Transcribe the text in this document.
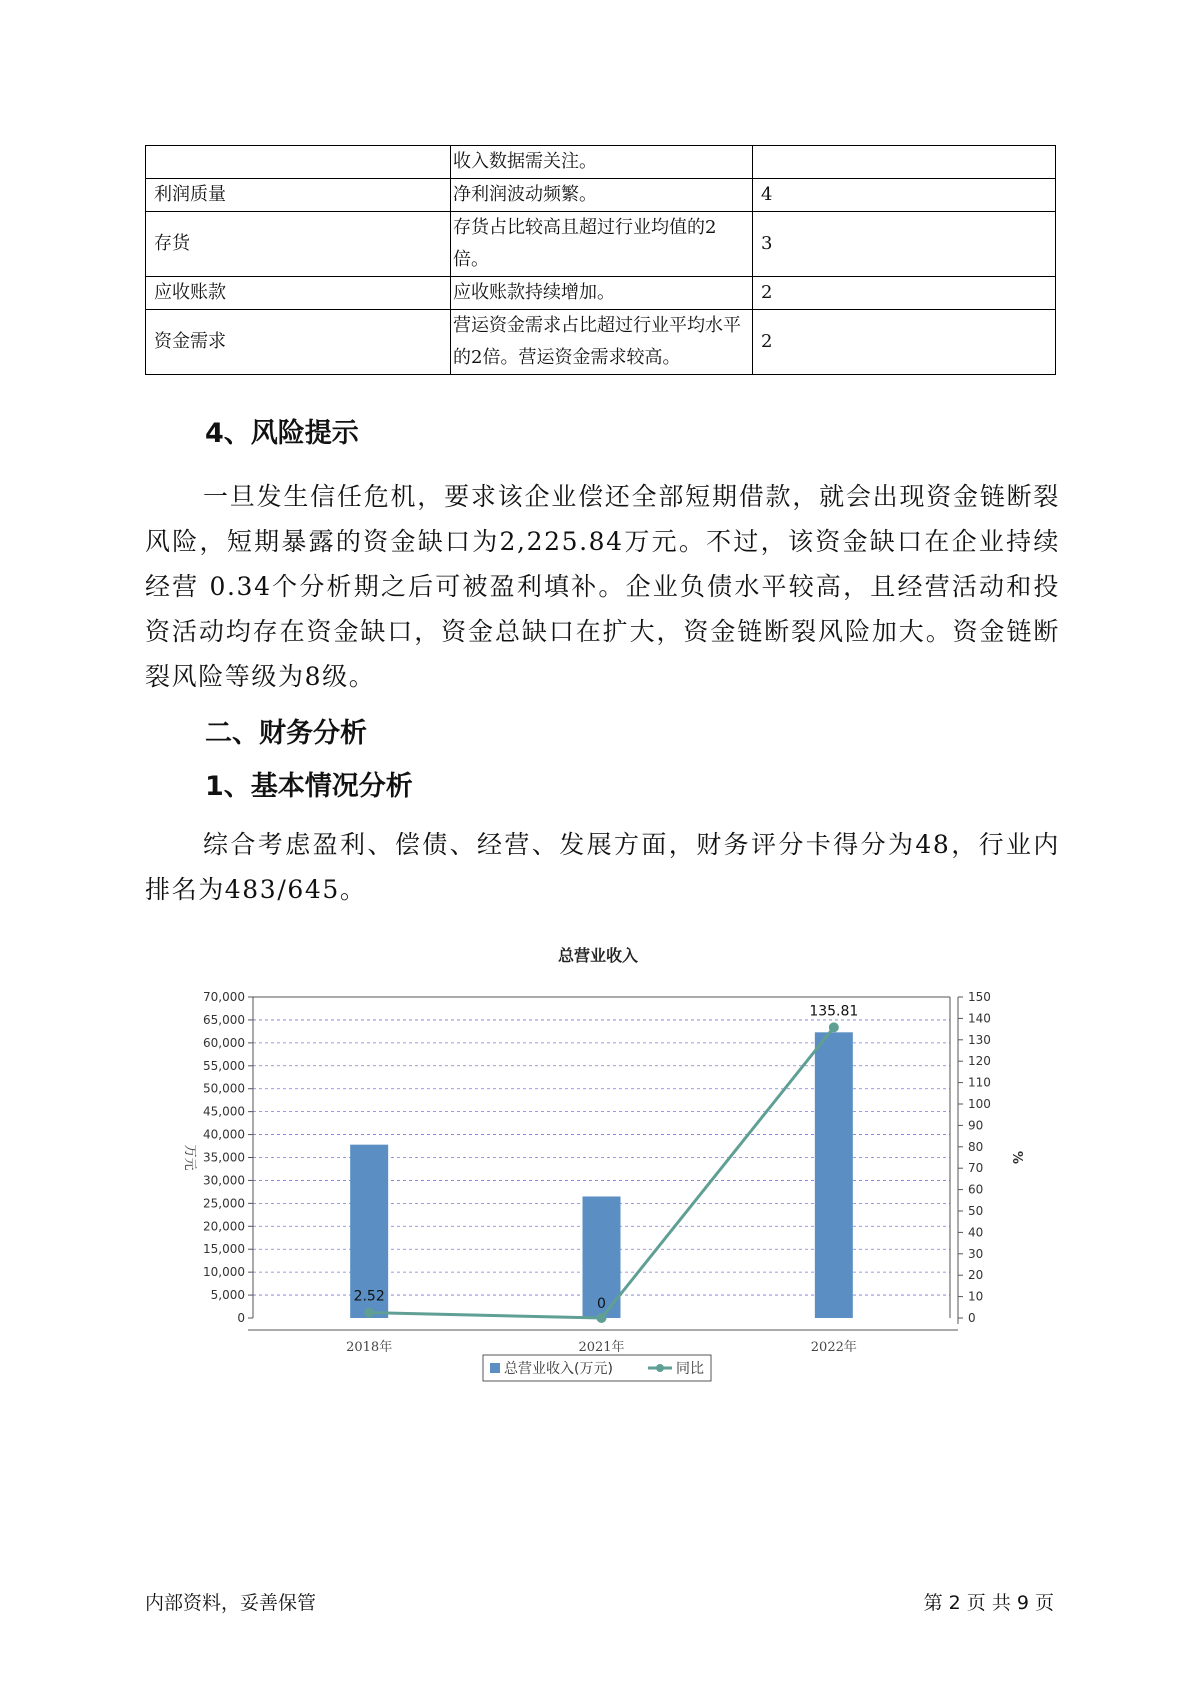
	收入数据需关注。	
利润质量	净利润波动频繁。	4
存货	存货占比较高且超过行业均值的2倍。	3
应收账款	应收账款持续增加。	2
资金需求	营运资金需求占比超过行业平均水平的2倍。营运资金需求较高。	2
4、风险提示

一旦发生信任危机，要求该企业偿还全部短期借款，就会出现资金链断裂风险，短期暴露的资金缺口为2,225.84万元。不过，该资金缺口在企业持续经营 0.34个分析期之后可被盈利填补。企业负债水平较高，且经营活动和投资活动均存在资金缺口，资金总缺口在扩大，资金链断裂风险加大。资金链断裂风险等级为8级。

二、财务分析
1、基本情况分析

综合考虑盈利、偿债、经营、发展方面，财务评分卡得分为48，行业内排名为483/645。

总营业收入
0
5,000
10,000
15,000
20,000
25,000
30,000
35,000
40,000
45,000
50,000
55,000
60,000
65,000
70,000
0
10
20
30
40
50
60
70
80
90
100
110
120
130
140
150
万元	%
2018年	2021年	2022年
2.52	0
135.81
总营业收入(万元)	同比
内部资料，妥善保管	第 2 页 共 9 页
